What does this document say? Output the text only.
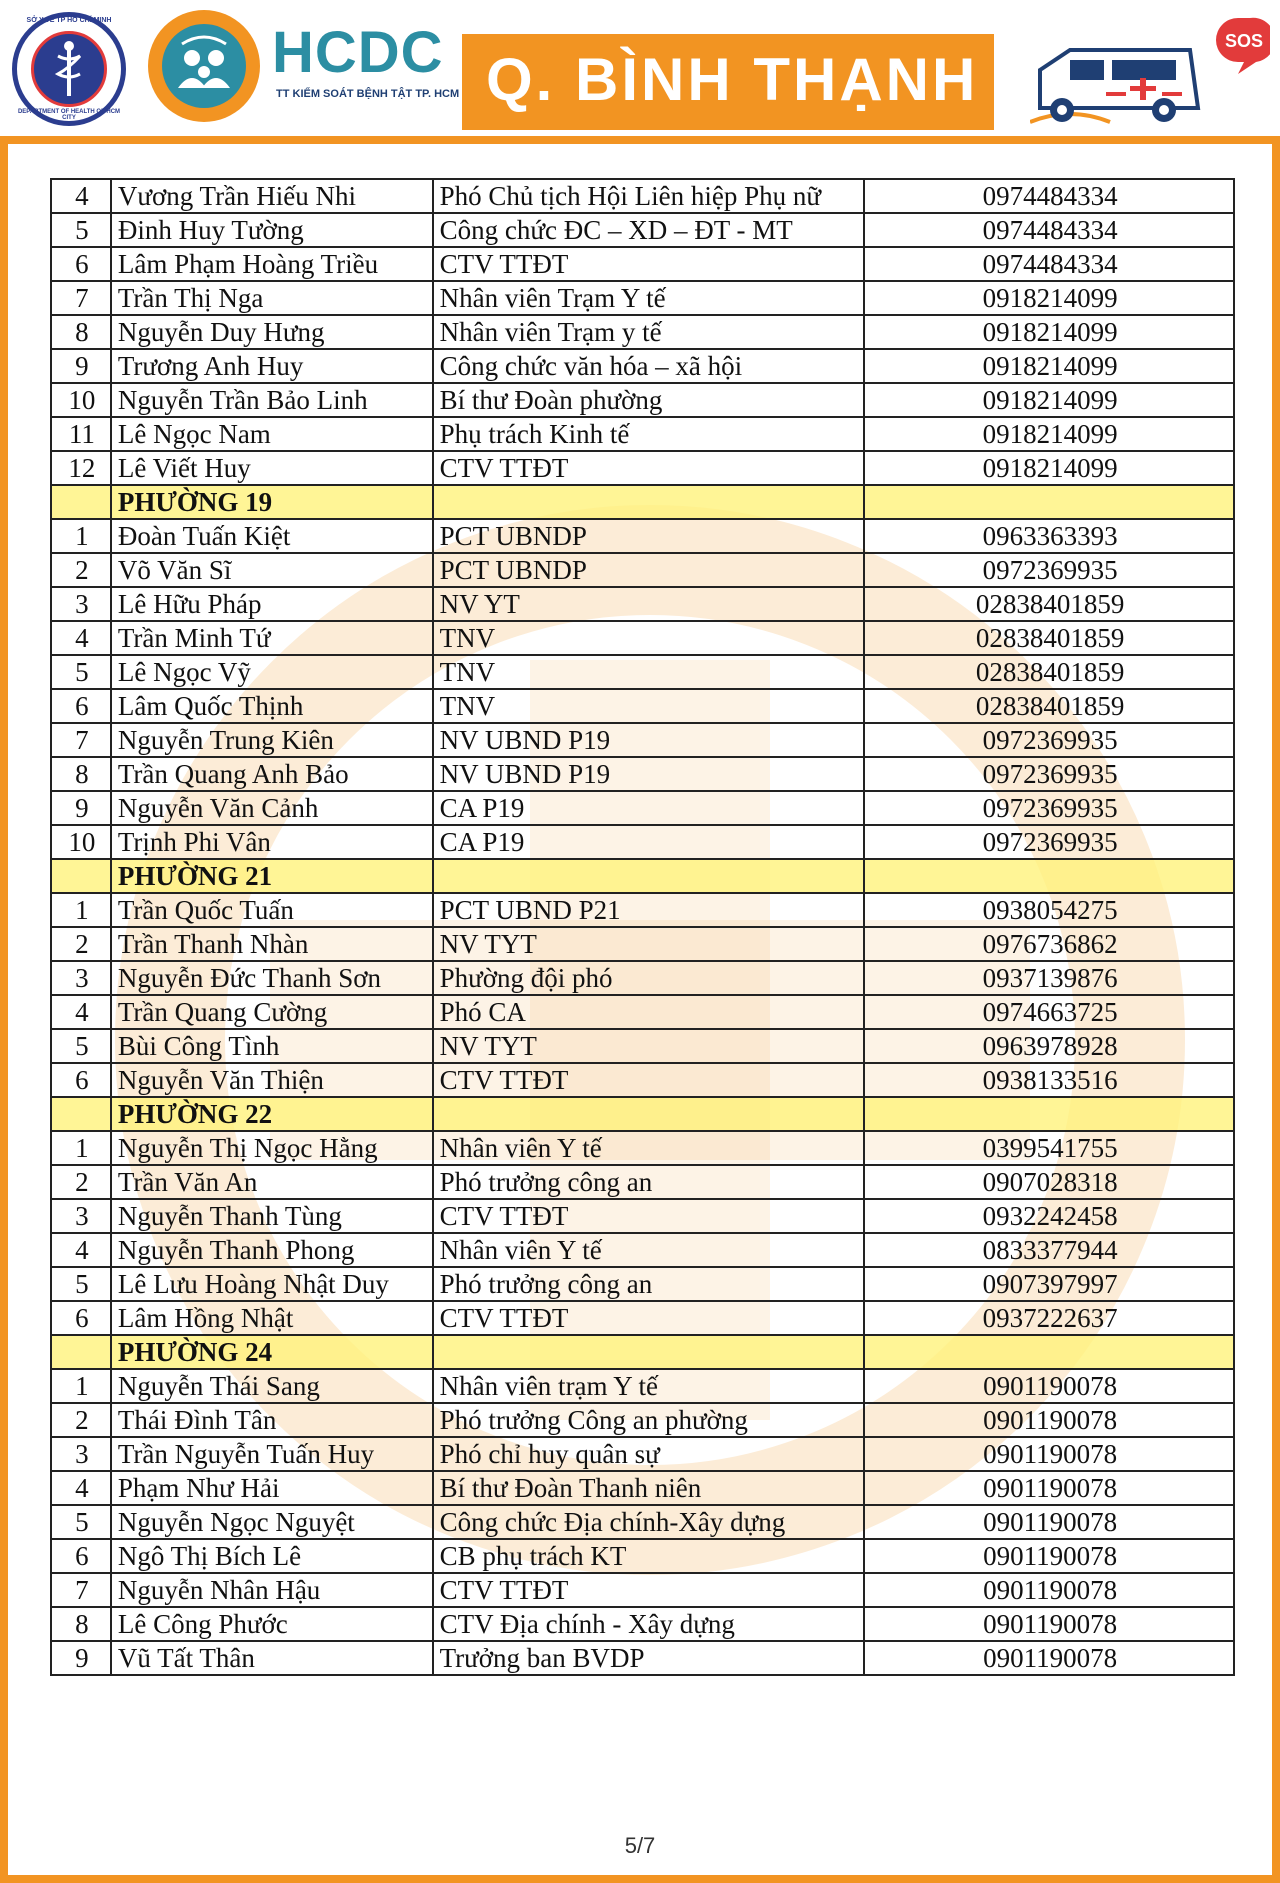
SỞ Y TẾ TP HỒ CHÍ MINH
DEPARTMENT OF HEALTH OF HCM CITY
HCDC
TT KIỂM SOÁT BỆNH TẬT TP. HCM Q. BÌNH THẠNH
SOS
4	Vương Trần Hiếu Nhi	Phó Chủ tịch Hội Liên hiệp Phụ nữ	0974484334
5	Đinh Huy Tường	Công chức ĐC – XD – ĐT - MT	0974484334
6	Lâm Phạm Hoàng Triều	CTV TTĐT	0974484334
7	Trần Thị Nga	Nhân viên Trạm Y tế	0918214099
8	Nguyễn Duy Hưng	Nhân viên Trạm y tế	0918214099
9	Trương Anh Huy	Công chức văn hóa – xã hội	0918214099
10	Nguyễn Trần Bảo Linh	Bí thư Đoàn phường	0918214099
11	Lê Ngọc Nam	Phụ trách Kinh tế	0918214099
12	Lê Viết Huy	CTV TTĐT	0918214099
	PHƯỜNG 19		
1	Đoàn Tuấn Kiệt	PCT UBNDP	0963363393
2	Võ Văn Sĩ	PCT UBNDP	0972369935
3	Lê Hữu Pháp	NV YT	02838401859
4	Trần Minh Tứ	TNV	02838401859
5	Lê Ngọc Vỹ	TNV	02838401859
6	Lâm Quốc Thịnh	TNV	02838401859
7	Nguyễn Trung Kiên	NV UBND P19	0972369935
8	Trần Quang Anh Bảo	NV UBND P19	0972369935
9	Nguyễn Văn Cảnh	CA P19	0972369935
10	Trịnh Phi Vân	CA P19	0972369935
	PHƯỜNG 21		
1	Trần Quốc Tuấn	PCT UBND P21	0938054275
2	Trần Thanh Nhàn	NV TYT	0976736862
3	Nguyễn Đức Thanh Sơn	Phường đội phó	0937139876
4	Trần Quang Cường	Phó CA	0974663725
5	Bùi Công Tình	NV TYT	0963978928
6	Nguyễn Văn Thiện	CTV TTĐT	0938133516
	PHƯỜNG 22		
1	Nguyễn Thị Ngọc Hằng	Nhân viên Y tế	0399541755
2	Trần Văn An	Phó trưởng công an	0907028318
3	Nguyễn Thanh Tùng	CTV TTĐT	0932242458
4	Nguyễn Thanh Phong	Nhân viên Y tế	0833377944
5	Lê Lưu Hoàng Nhật Duy	Phó trưởng công an	0907397997
6	Lâm Hồng Nhật	CTV TTĐT	0937222637
	PHƯỜNG 24		
1	Nguyễn Thái Sang	Nhân viên trạm Y tế	0901190078
2	Thái Đình Tân	Phó trưởng Công an phường	0901190078
3	Trần Nguyễn Tuấn Huy	Phó chỉ huy quân sự	0901190078
4	Phạm Như Hải	Bí thư Đoàn Thanh niên	0901190078
5	Nguyễn Ngọc Nguyệt	Công chức Địa chính-Xây dựng	0901190078
6	Ngô Thị Bích Lê	CB phụ trách KT	0901190078
7	Nguyễn Nhân Hậu	CTV TTĐT	0901190078
8	Lê Công Phước	CTV Địa chính - Xây dựng	0901190078
9	Vũ Tất Thân	Trưởng ban BVDP	0901190078
5/7
